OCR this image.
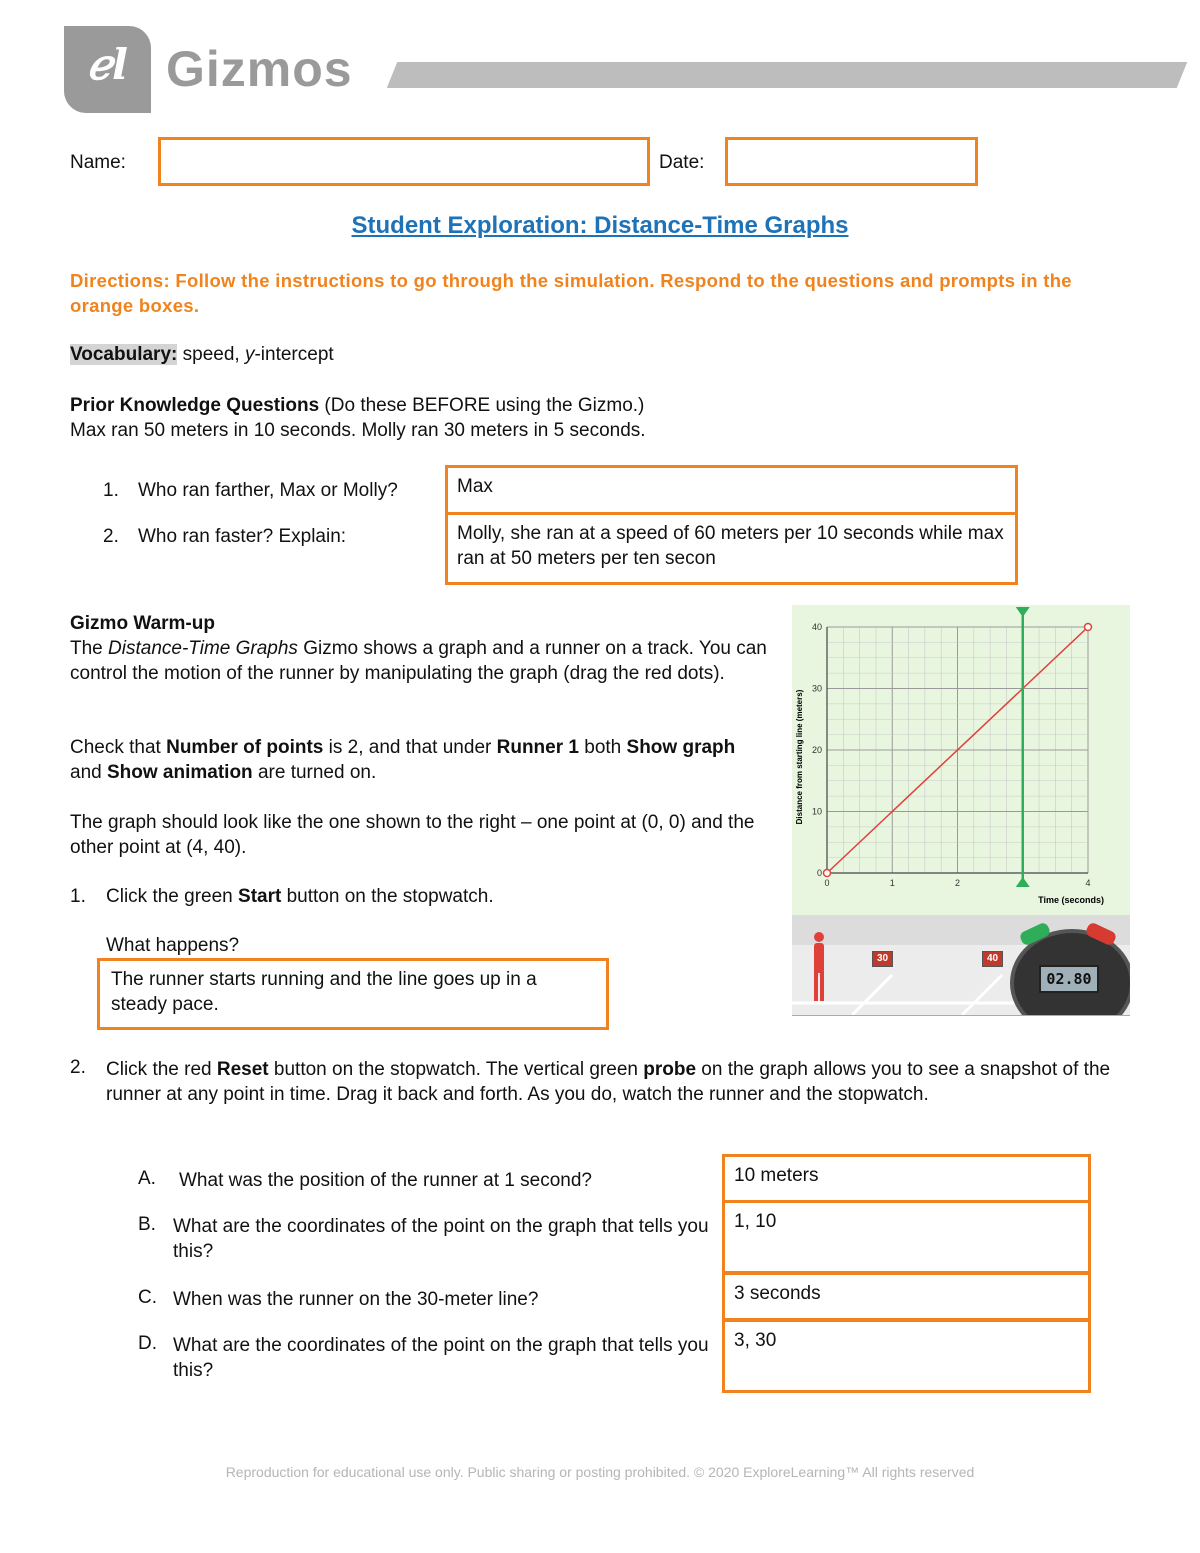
ℯl Gizmos
Name:	Date:
Student Exploration: Distance-Time Graphs
Directions: Follow the instructions to go through the simulation. Respond to the questions and prompts in the orange boxes.
Vocabulary: speed, y-intercept
Prior Knowledge Questions (Do these BEFORE using the Gizmo.)
Max ran 50 meters in 10 seconds. Molly ran 30 meters in 5 seconds.
1. Who ran farther, Max or Molly?	Max
2. Who ran faster? Explain:	Molly, she ran at a speed of 60 meters per 10 seconds while max ran at 50 meters per ten secon
Gizmo Warm-up
The Distance-Time Graphs Gizmo shows a graph and a runner on a track. You can control the motion of the runner by manipulating the graph (drag the red dots).
Check that Number of points is 2, and that under Runner 1 both Show graph and Show animation are turned on.
The graph should look like the one shown to the right – one point at (0, 0) and the other point at (4, 40).
1. Click the green Start button on the stopwatch.
What happens?
The runner starts running and the line goes up in a steady pace.
2. Click the red Reset button on the stopwatch. The vertical green probe on the graph allows you to see a snapshot of the runner at any point in time. Drag it back and forth. As you do, watch the runner and the stopwatch.
A. What was the position of the runner at 1 second?	10 meters
B. What are the coordinates of the point on the graph that tells you this?
1, 10
C. When was the runner on the 30-meter line?	3 seconds
D. What are the coordinates of the point on the graph that tells you this?
3, 30
0	1	2	4
0
10
20
30
40
Time (seconds)
Distance from starting line (meters)
30	40
02.80
Reproduction for educational use only. Public sharing or posting prohibited. © 2020 ExploreLearning™ All rights reserved
